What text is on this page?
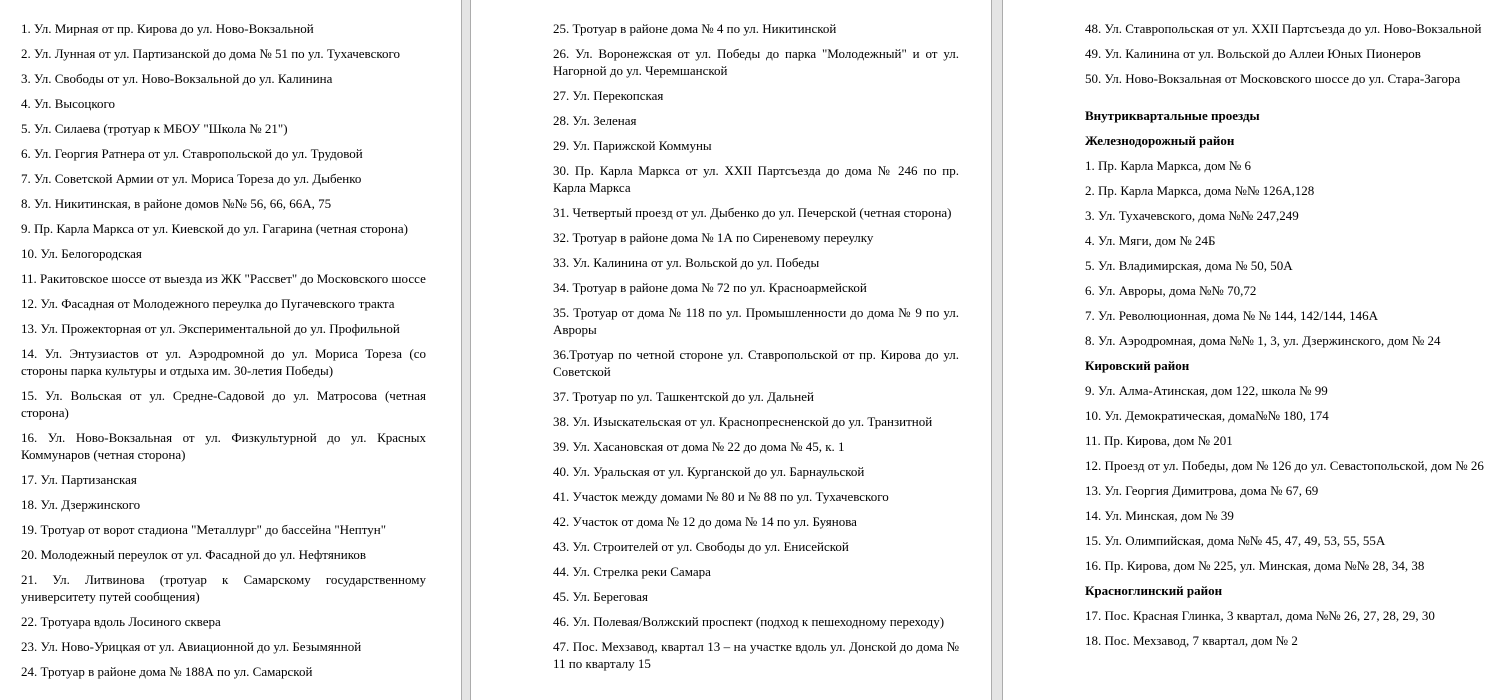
1. Ул. Мирная от пр. Кирова до ул. Ново-Вокзальной

2. Ул. Лунная от ул. Партизанской до дома № 51 по ул. Тухачевского

3. Ул. Свободы от ул. Ново-Вокзальной до ул. Калинина

4. Ул. Высоцкого

5. Ул. Силаева (тротуар к МБОУ "Школа № 21")

6. Ул. Георгия Ратнера от ул. Ставропольской до ул. Трудовой

7. Ул. Советской Армии от ул. Мориса Тореза до ул. Дыбенко

8. Ул. Никитинская, в районе домов №№ 56, 66, 66А, 75

9. Пр. Карла Маркса от ул. Киевской до ул. Гагарина (четная сторона)

10. Ул. Белогородская

11. Ракитовское шоссе от выезда из ЖК "Рассвет" до Московского шоссе

12. Ул. Фасадная от Молодежного переулка до Пугачевского тракта

13. Ул. Прожекторная от ул. Экспериментальной до ул. Профильной

14. Ул. Энтузиастов от ул. Аэродромной до ул. Мориса Тореза (со стороны парка культуры и отдыха им. 30-летия Победы)

15. Ул. Вольская от ул. Средне-Садовой до ул. Матросова (четная сторона)

16. Ул. Ново-Вокзальная от ул. Физкультурной до ул. Красных Коммунаров (четная сторона)

17. Ул. Партизанская

18. Ул. Дзержинского

19. Тротуар от ворот стадиона "Металлург" до бассейна "Нептун"

20. Молодежный переулок от ул. Фасадной до ул. Нефтяников

21. Ул. Литвинова (тротуар к Самарскому государственному университету путей сообщения)

22. Тротуара вдоль Лосиного сквера

23. Ул. Ново-Урицкая от ул. Авиационной до ул. Безымянной

24. Тротуар в районе дома № 188А по ул. Самарской

25. Тротуар в районе дома № 4 по ул. Никитинской

26. Ул. Воронежская от ул. Победы до парка "Молодежный" и от ул. Нагорной до ул. Черемшанской

27. Ул. Перекопская

28. Ул. Зеленая

29. Ул. Парижской Коммуны

30. Пр. Карла Маркса от ул. XXII Партсъезда до дома № 246 по пр. Карла Маркса

31. Четвертый проезд от ул. Дыбенко до ул. Печерской (четная сторона)

32. Тротуар в районе дома № 1А по Сиреневому переулку

33. Ул. Калинина от ул. Вольской до ул. Победы

34. Тротуар в районе дома № 72 по ул. Красноармейской

35. Тротуар от дома № 118 по ул. Промышленности до дома № 9 по ул. Авроры

36.Тротуар по четной стороне ул. Ставропольской от пр. Кирова до ул. Советской

37. Тротуар по ул. Ташкентской до ул. Дальней

38. Ул. Изыскательская от ул. Краснопресненской до ул. Транзитной

39. Ул. Хасановская от дома № 22 до дома № 45, к. 1

40. Ул. Уральская от ул. Курганской до ул. Барнаульской

41. Участок между домами № 80 и № 88 по ул. Тухачевского

42. Участок от дома № 12 до дома № 14 по ул. Буянова

43. Ул. Строителей от ул. Свободы до ул. Енисейской

44. Ул. Стрелка реки Самара

45. Ул. Береговая

46. Ул. Полевая/Волжский проспект (подход к пешеходному переходу)

47. Пос. Мехзавод, квартал 13 – на участке вдоль ул. Донской до дома № 11 по кварталу 15

48. Ул. Ставропольская от ул. XXII Партсъезда до ул. Ново-Вокзальной

49. Ул. Калинина от ул. Вольской до Аллеи Юных Пионеров

50. Ул. Ново-Вокзальная от Московского шоссе до ул. Стара-Загора

Внутриквартальные проезды

Железнодорожный район

1. Пр. Карла Маркса, дом № 6

2. Пр. Карла Маркса, дома №№ 126А,128

3. Ул. Тухачевского, дома №№ 247,249

4. Ул. Мяги, дом № 24Б

5. Ул. Владимирская, дома № 50, 50А

6. Ул. Авроры, дома №№ 70,72

7. Ул. Революционная, дома № № 144, 142/144, 146А

8. Ул. Аэродромная, дома №№ 1, 3, ул. Дзержинского, дом № 24

Кировский район

9. Ул. Алма-Атинская, дом 122, школа № 99

10. Ул. Демократическая, дома№№ 180, 174

11. Пр. Кирова, дом № 201

12. Проезд от ул. Победы, дом № 126 до ул. Севастопольской, дом № 26

13. Ул. Георгия Димитрова, дома № 67, 69

14. Ул. Минская, дом № 39

15. Ул. Олимпийская, дома №№ 45, 47, 49, 53, 55, 55А

16. Пр. Кирова, дом № 225, ул. Минская, дома №№ 28, 34, 38

Красноглинский район

17. Пос. Красная Глинка, 3 квартал, дома №№ 26, 27, 28, 29, 30

18. Пос. Мехзавод, 7 квартал, дом № 2
